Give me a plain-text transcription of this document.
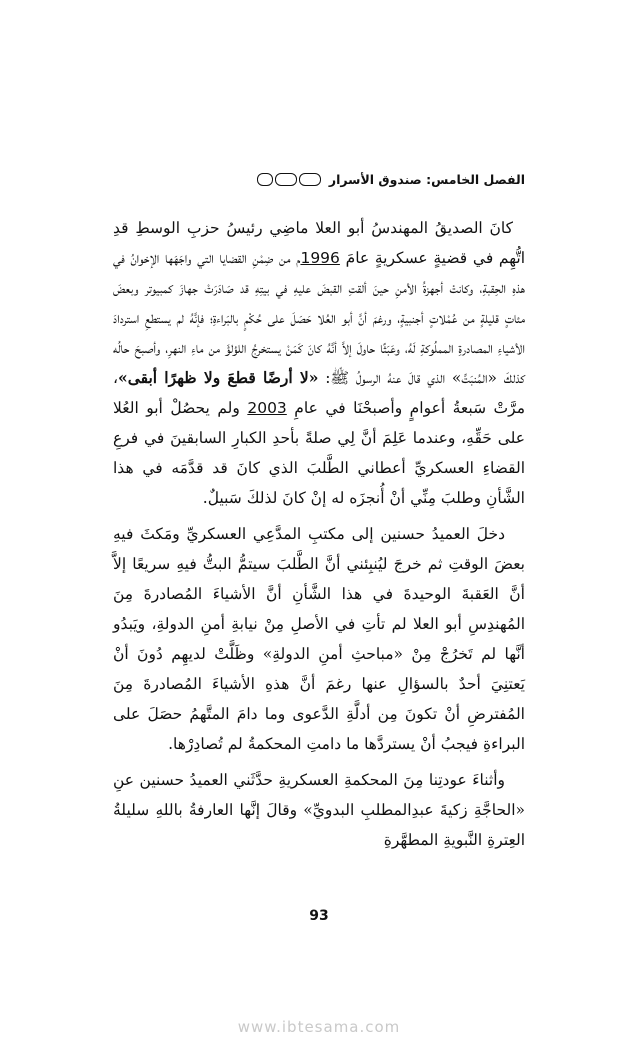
الفصل الخامس: صندوق الأسرار

كانَ الصديقُ المهندسُ أبو العلا ماضِي رئيسُ حزبِ الوسطِ قدِ اتُّهِم في قضيةٍ عسكريةٍ عامَ 1996م من ضِمْنِ القضايا التي واجَهَها الإخوانُ في هذهِ الحِقبةِ، وكانتْ أجهزةُ الأمنِ حينَ ألقتِ القبضَ عليهِ في بيتِهِ قد صَادَرَتْ جهازَ كمبيوتر وبعضَ مئاتٍ قليلةٍ من عُمْلاتٍ أجنبيةٍ، ورغمَ أنَّ أبو العُلا حَصَلَ على حُكْمٍ بالبَراءةِ؛ فإنَّهُ لم يستطعِ استردادَ الأشياءِ المصادرةِ المملُوكةِ لَهُ، وعَبَثًا حاولَ إلاَّ أنَّهُ كانَ كَمَنْ يستخرجُ اللؤلؤَ من ماءِ النهرِ، وأصبحَ حالُه كذلكَ «المُنبَتِّ» الذي قالَ عنهُ الرسولُ ﷺ: «لا أرضًا قطعَ ولا ظهرًا أبقى»، مرَّتْ سَبعةُ أعوامٍ وأصبحْنَا في عامِ 2003 ولم يحصُلْ أبو العُلا على حَقِّهِ، وعندما عَلِمَ أنَّ لِي صلةً بأحدِ الكبارِ السابقينَ في فرعِ القضاءِ العسكريِّ أعطاني الطَّلبَ الذي كانَ قد قدَّمَه في هذا الشَّأنِ وطلبَ مِنِّي أنْ أُنجزَه له إنْ كانَ لذلكَ سَبيلٌ.

دخلَ العميدُ حسنين إلى مكتبِ المدَّعِي العسكريِّ ومَكثَ فيهِ بعضَ الوقتِ ثم خرجَ ليُنبِئني أنَّ الطَّلبَ سيتمُّ البتُّ فيهِ سريعًا إلاَّ أنَّ العَقبةَ الوحيدةَ في هذا الشَّأنِ أنَّ الأشياءَ المُصادرةَ مِنَ المُهندِسِ أبو العلا لم تأتِ في الأصلِ مِنْ نيابةِ أمنِ الدولةِ، ويَبدُو أنَّها لم تَخرُجْ مِنْ «مباحثِ أمنِ الدولةِ» وظَلَّتْ لديهِم دُونَ أنْ يَعتنِيَ أحدٌ بالسؤالِ عنها رغمَ أنَّ هذهِ الأشياءَ المُصادرةَ مِنَ المُفترضِ أنْ تكونَ مِن أدلَّةِ الدَّعوى وما دامَ المتَّهمُ حصَلَ على البراءةِ فيجبُ أنْ يستردَّها ما دامتِ المحكمةُ لم تُصادِرْها.

وأثناءَ عودتِنا مِنَ المحكمةِ العسكريةِ حدَّثَني العميدُ حسنين عنِ «الحاجَّةِ زكيةَ عبدِالمطلبِ البدويِّ» وقالَ إنَّها العارفةُ باللهِ سليلةُ العِترةِ النَّبويةِ المطهَّرةِ

93
www.ibtesama.com
